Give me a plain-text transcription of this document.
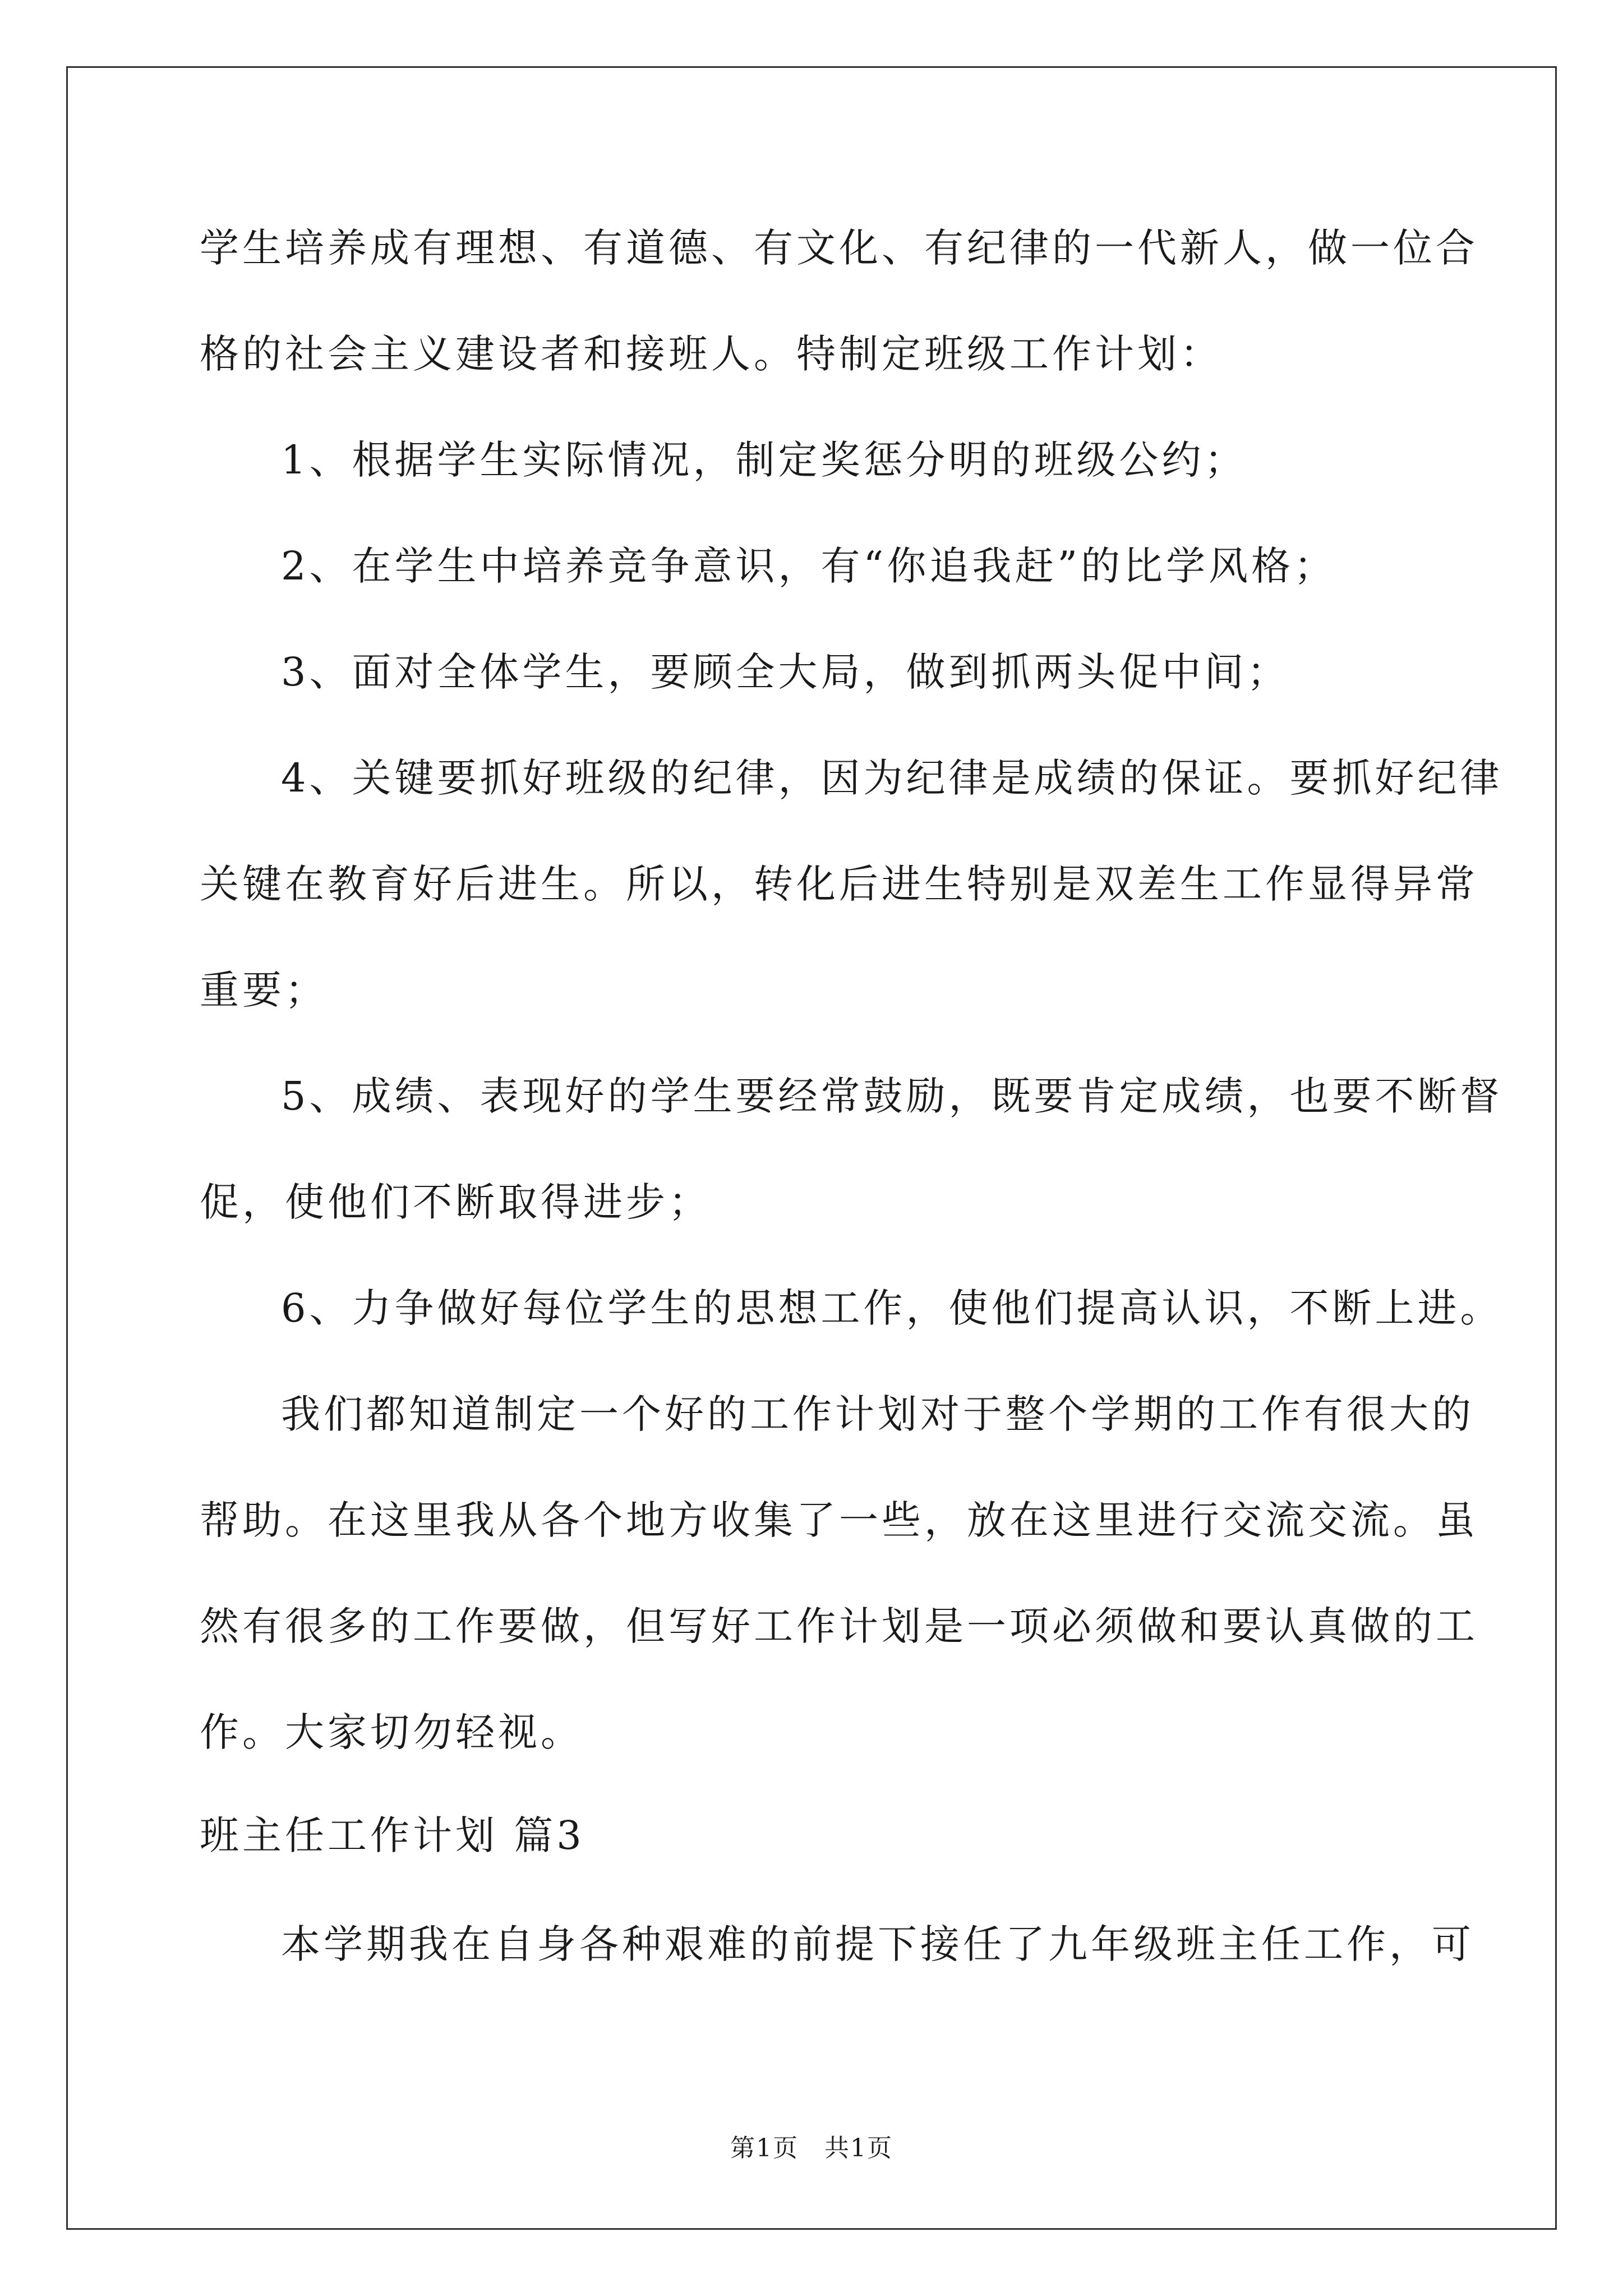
学生培养成有理想、有道德、有文化、有纪律的一代新人，做一位合
格的社会主义建设者和接班人。特制定班级工作计划：
1、根据学生实际情况，制定奖惩分明的班级公约；
2、在学生中培养竞争意识，有“你追我赶”的比学风格；
3、面对全体学生，要顾全大局，做到抓两头促中间；
4、关键要抓好班级的纪律，因为纪律是成绩的保证。要抓好纪律
关键在教育好后进生。所以，转化后进生特别是双差生工作显得异常
重要；
5、成绩、表现好的学生要经常鼓励，既要肯定成绩，也要不断督
促，使他们不断取得进步；
6、力争做好每位学生的思想工作，使他们提高认识，不断上进。
我们都知道制定一个好的工作计划对于整个学期的工作有很大的
帮助。在这里我从各个地方收集了一些，放在这里进行交流交流。虽
然有很多的工作要做，但写好工作计划是一项必须做和要认真做的工
作。大家切勿轻视。
班主任工作计划 篇3
本学期我在自身各种艰难的前提下接任了九年级班主任工作，可
第1页　共1页
